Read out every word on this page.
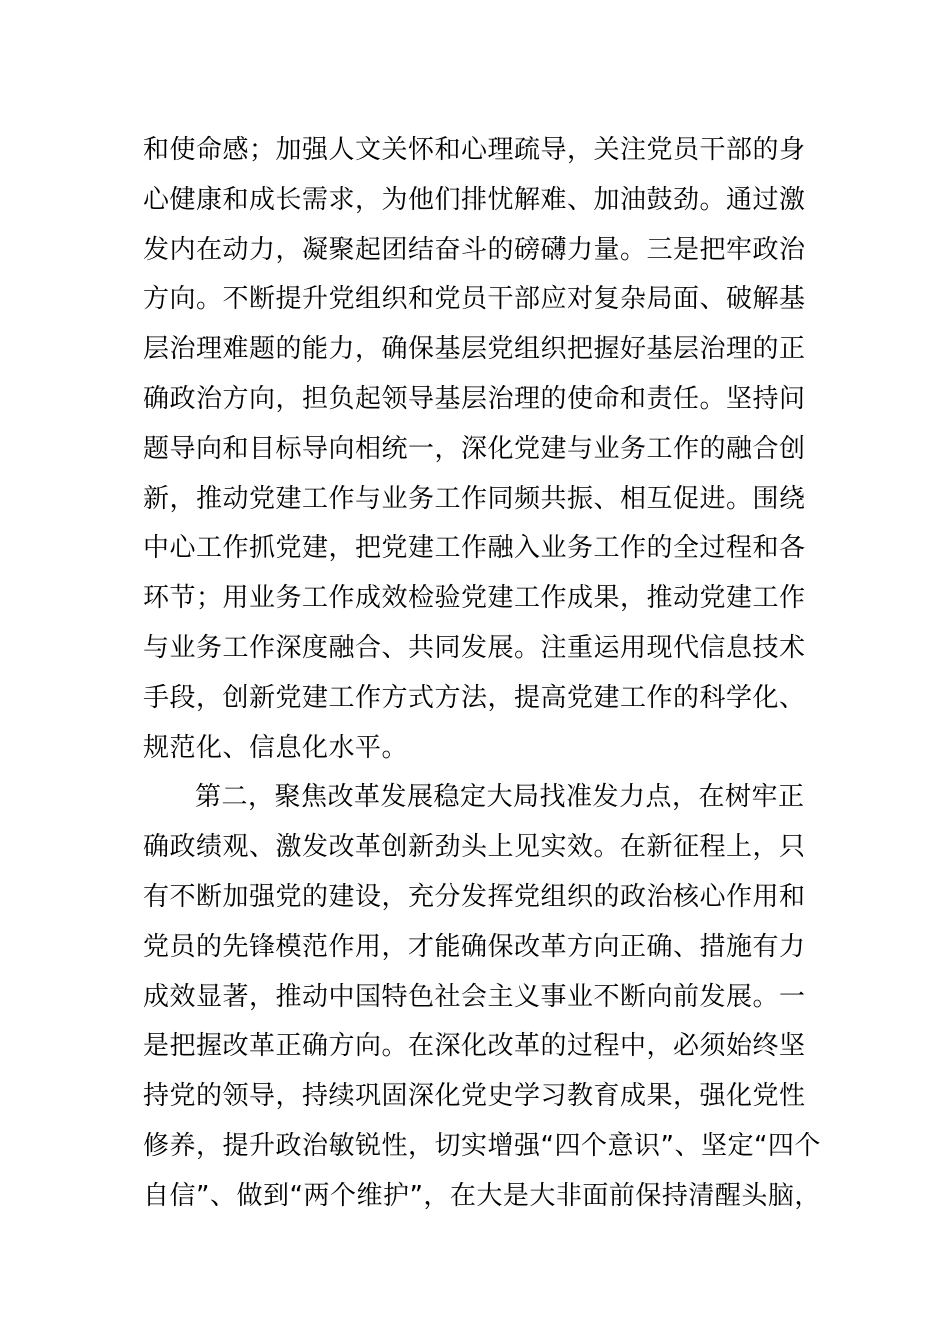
和使命感；加强人文关怀和心理疏导，关注党员干部的身
心健康和成长需求，为他们排忧解难、加油鼓劲。通过激
发内在动力，凝聚起团结奋斗的磅礴力量。三是把牢政治
方向。不断提升党组织和党员干部应对复杂局面、破解基
层治理难题的能力，确保基层党组织把握好基层治理的正
确政治方向，担负起领导基层治理的使命和责任。坚持问
题导向和目标导向相统一，深化党建与业务工作的融合创
新，推动党建工作与业务工作同频共振、相互促进。围绕
中心工作抓党建，把党建工作融入业务工作的全过程和各
环节；用业务工作成效检验党建工作成果，推动党建工作
与业务工作深度融合、共同发展。注重运用现代信息技术
手段，创新党建工作方式方法，提高党建工作的科学化、
规范化、信息化水平。
第二，聚焦改革发展稳定大局找准发力点，在树牢正
确政绩观、激发改革创新劲头上见实效。在新征程上，只
有不断加强党的建设，充分发挥党组织的政治核心作用和
党员的先锋模范作用，才能确保改革方向正确、措施有力
成效显著，推动中国特色社会主义事业不断向前发展。一
是把握改革正确方向。在深化改革的过程中，必须始终坚
持党的领导，持续巩固深化党史学习教育成果，强化党性
修养，提升政治敏锐性，切实增强“四个意识”、坚定“四个
自信”、做到“两个维护”，在大是大非面前保持清醒头脑，
